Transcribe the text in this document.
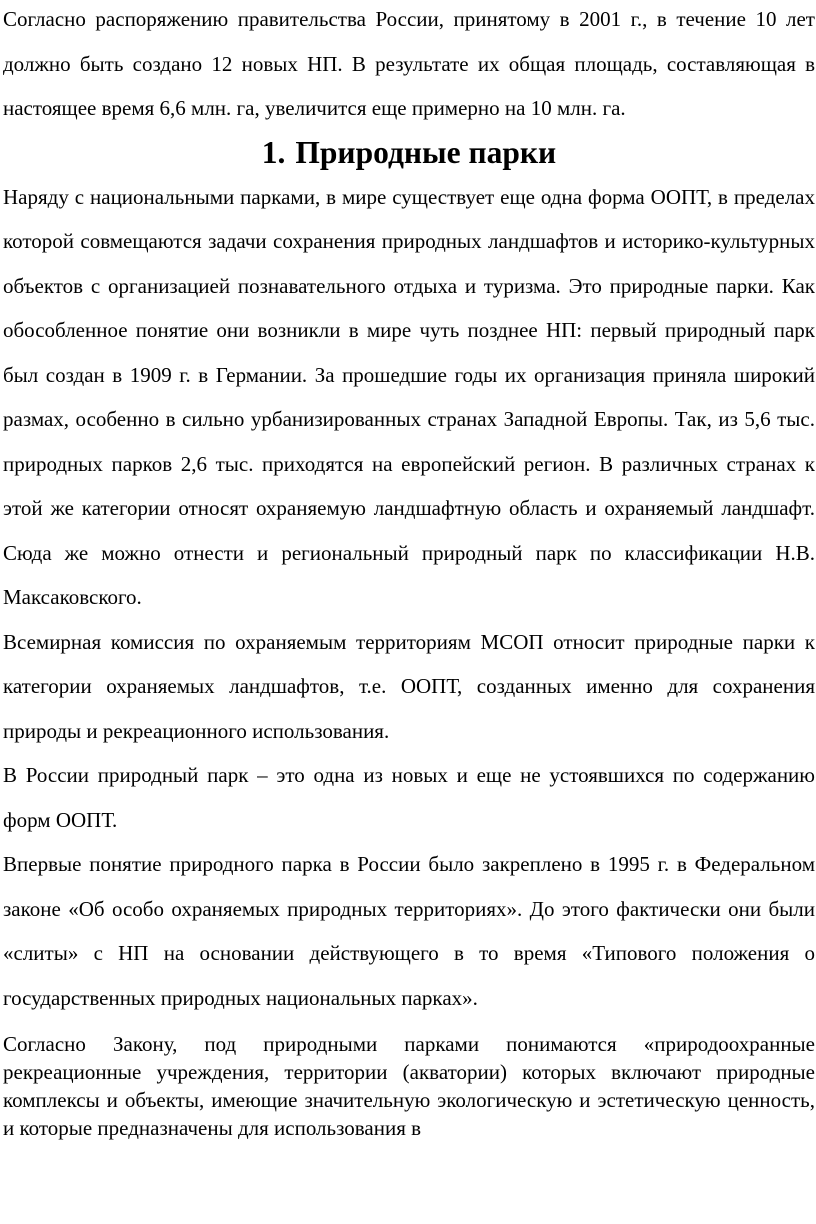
Согласно распоряжению правительства России, принятому в 2001 г., в течение 10 лет должно быть создано 12 новых НП. В результате их общая площадь, составляющая в настоящее время 6,6 млн. га, увеличится еще примерно на 10 млн. га.

1. Природные парки

Наряду с национальными парками, в мире существует еще одна форма ООПТ, в пределах которой совмещаются задачи сохранения природных ландшафтов и историко-культурных объектов с организацией познавательного отдыха и туризма. Это природные парки. Как обособленное понятие они возникли в мире чуть позднее НП: первый природный парк был создан в 1909 г. в Германии. За прошедшие годы их организация приняла широкий размах, особенно в сильно урбанизированных странах Западной Европы. Так, из 5,6 тыс. природных парков 2,6 тыс. приходятся на европейский регион. В различных странах к этой же категории относят охраняемую ландшафтную область и охраняемый ландшафт. Сюда же можно отнести и региональный природный парк по классификации Н.В. Максаковского.

Всемирная комиссия по охраняемым территориям МСОП относит природные парки к категории охраняемых ландшафтов, т.е. ООПТ, созданных именно для сохранения природы и рекреационного использования.

В России природный парк – это одна из новых и еще не устоявшихся по содержанию форм ООПТ.

Впервые понятие природного парка в России было закреплено в 1995 г. в Федеральном законе «Об особо охраняемых природных территориях». До этого фактически они были «слиты» с НП на основании действующего в то время «Типового положения о государственных природных национальных парках».

Согласно Закону, под природными парками понимаются «природоохранные рекреационные учреждения, территории (акватории) которых включают природные комплексы и объекты, имеющие значительную экологическую и эстетическую ценность, и которые предназначены для использования в
